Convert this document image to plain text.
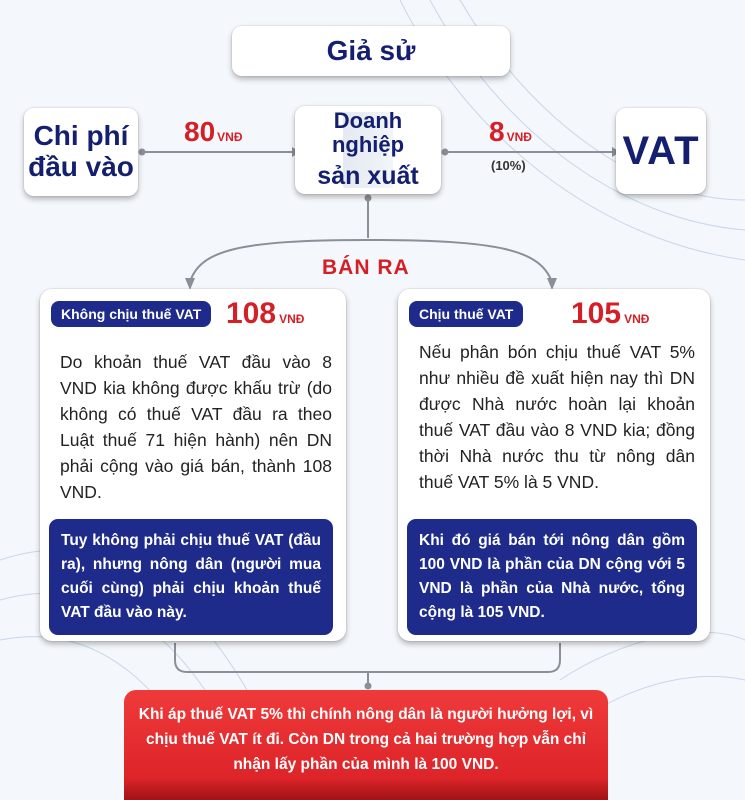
Giả sử
Chi phí
đầu vào
80 VNĐ
Doanh nghiệp
sản xuất
8 VNĐ
(10%) VAT
BÁN RA
Không chịu thuế VAT 108 VNĐ
Do khoản thuế VAT đầu vào 8 VND kia không được khấu trừ (do không có thuế VAT đầu ra theo Luật thuế 71 hiện hành) nên DN phải cộng vào giá bán, thành 108 VND.
Tuy không phải chịu thuế VAT (đầu ra), nhưng nông dân (người mua cuối cùng) phải chịu khoản thuế VAT đầu vào này.
Chịu thuế VAT	105 VNĐ
Nếu phân bón chịu thuế VAT 5% như nhiều đề xuất hiện nay thì DN được Nhà nước hoàn lại khoản thuế VAT đầu vào 8 VND kia; đồng thời Nhà nước thu từ nông dân thuế VAT 5% là 5 VND.
Khi đó giá bán tới nông dân gồm 100 VND là phần của DN cộng với 5 VND là phần của Nhà nước, tổng cộng là 105 VND.
Khi áp thuế VAT 5% thì chính nông dân là người hưởng lợi, vì chịu thuế VAT ít đi. Còn DN trong cả hai trường hợp vẫn chỉ nhận lấy phần của mình là 100 VND.
